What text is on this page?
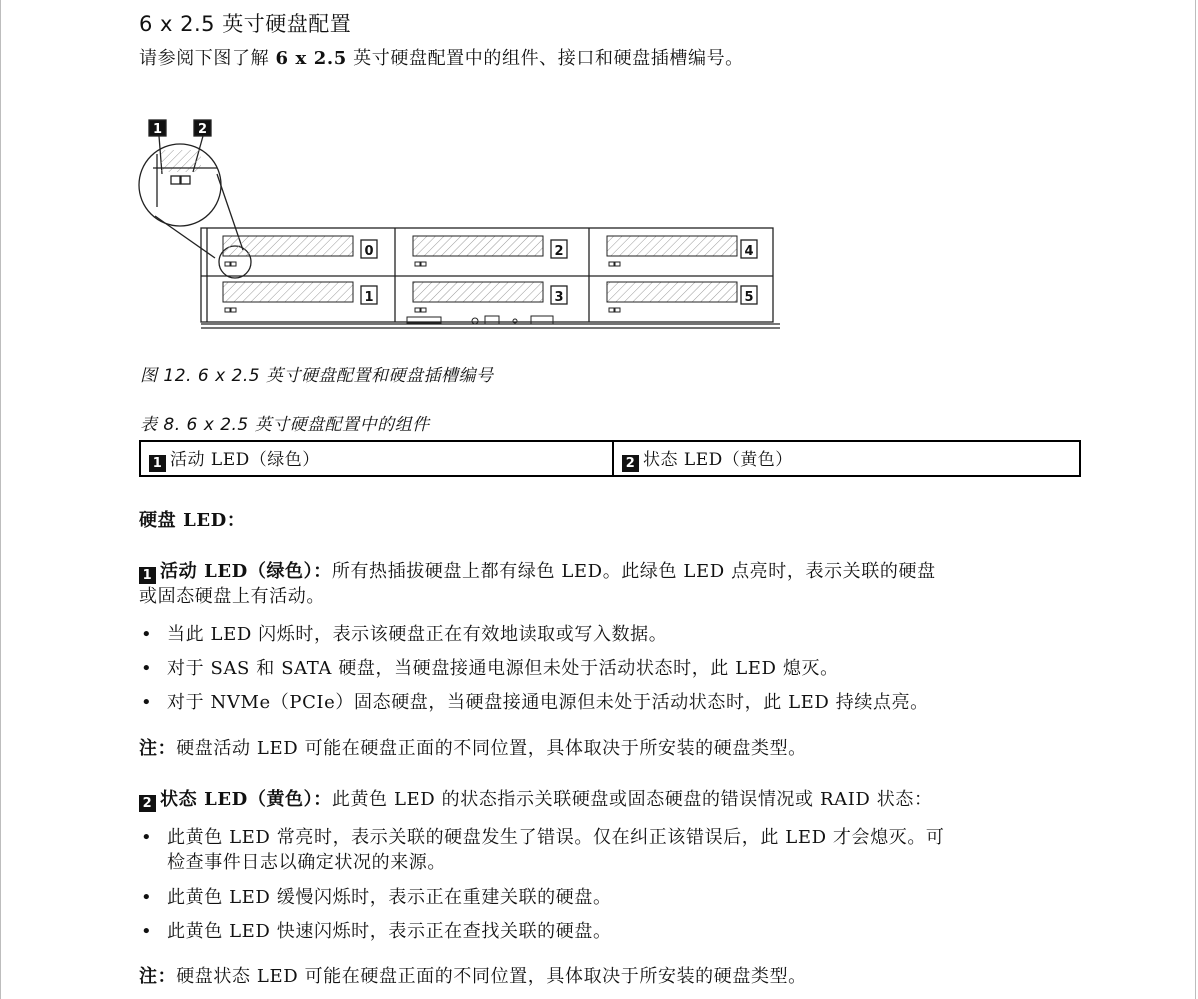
6 x 2.5 英寸硬盘配置
请参阅下图了解 6 x 2.5 英寸硬盘配置中的组件、接口和硬盘插槽编号。
1	2
0
1
2
3
4
5
图 12. 6 x 2.5 英寸硬盘配置和硬盘插槽编号
表 8. 6 x 2.5 英寸硬盘配置中的组件
1 活动 LED（绿色）	2 状态 LED（黄色）
硬盘 LED：
1 活动 LED（绿色）：所有热插拔硬盘上都有绿色 LED。此绿色 LED 点亮时，表示关联的硬盘
或固态硬盘上有活动。
• 当此 LED 闪烁时，表示该硬盘正在有效地读取或写入数据。
• 对于 SAS 和 SATA 硬盘，当硬盘接通电源但未处于活动状态时，此 LED 熄灭。
• 对于 NVMe（PCIe）固态硬盘，当硬盘接通电源但未处于活动状态时，此 LED 持续点亮。
注：硬盘活动 LED 可能在硬盘正面的不同位置，具体取决于所安装的硬盘类型。
2 状态 LED（黄色）：此黄色 LED 的状态指示关联硬盘或固态硬盘的错误情况或 RAID 状态：
• 此黄色 LED 常亮时，表示关联的硬盘发生了错误。仅在纠正该错误后，此 LED 才会熄灭。可
检查事件日志以确定状况的来源。
• 此黄色 LED 缓慢闪烁时，表示正在重建关联的硬盘。
• 此黄色 LED 快速闪烁时，表示正在查找关联的硬盘。
注：硬盘状态 LED 可能在硬盘正面的不同位置，具体取决于所安装的硬盘类型。
